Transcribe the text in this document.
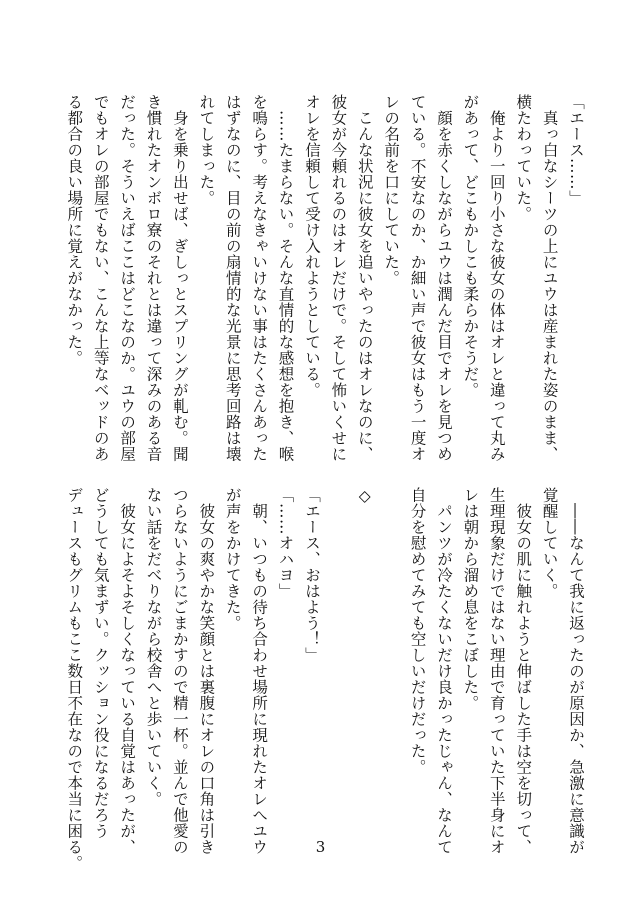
「エース……」
　真っ白なシーツの上にユウは産まれた姿のまま、
横たわっていた。
　俺より一回り小さな彼女の体はオレと違って丸み
があって、どこもかしこも柔らかそうだ。
　顔を赤くしながらユウは潤んだ目でオレを見つめ
ている。不安なのか、か細い声で彼女はもう一度オ
レの名前を口にしていた。
　こんな状況に彼女を追いやったのはオレなのに、
彼女が今頼れるのはオレだけで。そして怖いくせに
オレを信頼して受け入れようとしている。
　……たまらない。そんな直情的な感想を抱き、喉
を鳴らす。考えなきゃいけない事はたくさんあった
はずなのに、目の前の扇情的な光景に思考回路は壊
れてしまった。
　身を乗り出せば、ぎしっとスプリングが軋む。聞
き慣れたオンボロ寮のそれとは違って深みのある音
だった。そういえばここはどこなのか。ユウの部屋
でもオレの部屋でもない、こんな上等なベッドのあ
る都合の良い場所に覚えがなかった。
　――なんて我に返ったのが原因か、急激に意識が
覚醒していく。
　彼女の肌に触れようと伸ばした手は空を切って、
生理現象だけではない理由で育っていた下半身にオ
レは朝から溜め息をこぼした。
　パンツが冷たくないだけ良かったじゃん、なんて
自分を慰めてみても空しいだけだった。

◇

「エース、おはよう！」
「……オハヨ」
　朝、いつもの待ち合わせ場所に現れたオレへユウ
が声をかけてきた。
　彼女の爽やかな笑顔とは裏腹にオレの口角は引き
つらないようにごまかすので精一杯。並んで他愛の
ない話をだべりながら校舎へと歩いていく。
　彼女によそよそしくなっている自覚はあったが、
どうしても気まずい。クッション役になるだろう
デュースもグリムもここ数日不在なので本当に困る。	3
